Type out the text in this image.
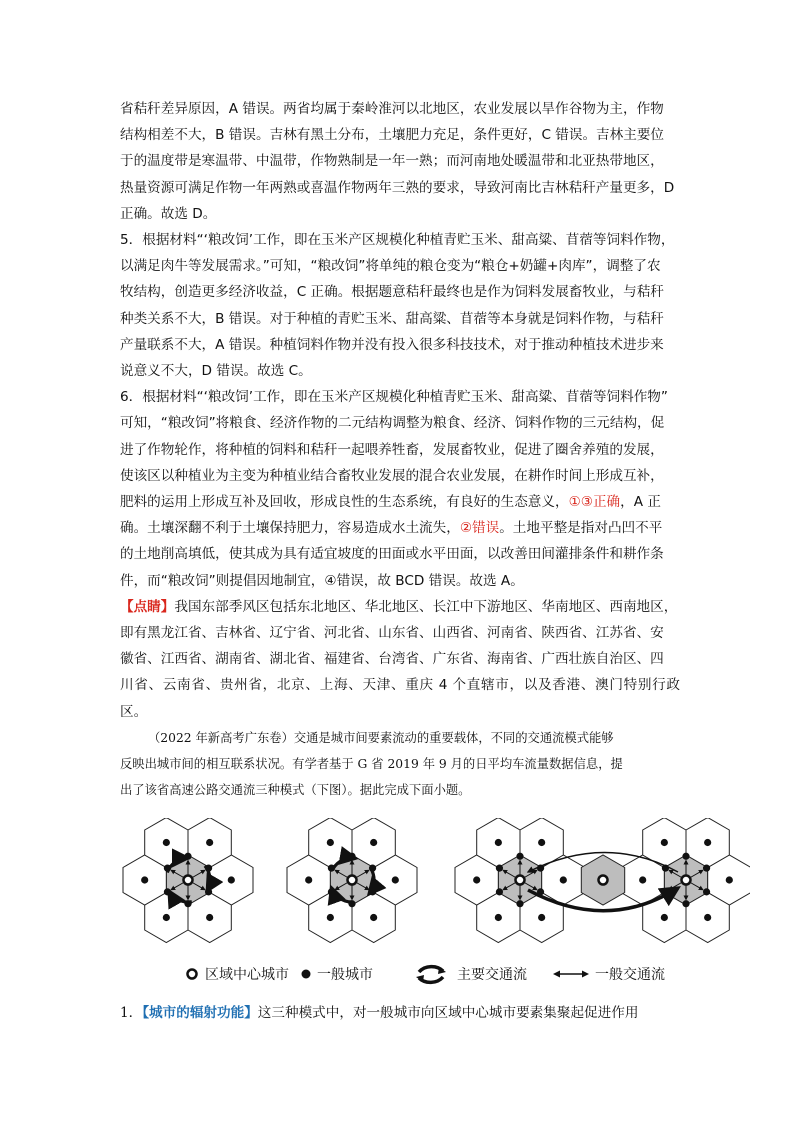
省秸秆差异原因，A 错误。两省均属于秦岭淮河以北地区，农业发展以旱作谷物为主，作物

结构相差不大，B 错误。吉林有黑土分布，土壤肥力充足，条件更好，C 错误。吉林主要位

于的温度带是寒温带、中温带，作物熟制是一年一熟；而河南地处暖温带和北亚热带地区，

热量资源可满足作物一年两熟或喜温作物两年三熟的要求，导致河南比吉林秸秆产量更多，D

正确。故选 D。

5．根据材料“‘粮改饲’工作，即在玉米产区规模化种植青贮玉米、甜高粱、苜蓿等饲料作物，

以满足肉牛等发展需求。”可知，“粮改饲”将单纯的粮仓变为“粮仓+奶罐+肉库”，调整了农

牧结构，创造更多经济收益，C 正确。根据题意秸秆最终也是作为饲料发展畜牧业，与秸秆

种类关系不大，B 错误。对于种植的青贮玉米、甜高粱、苜蓿等本身就是饲料作物，与秸秆

产量联系不大，A 错误。种植饲料作物并没有投入很多科技技术，对于推动种植技术进步来

说意义不大，D 错误。故选 C。

6．根据材料“‘粮改饲’工作，即在玉米产区规模化种植青贮玉米、甜高粱、苜蓿等饲料作物”

可知，“粮改饲”将粮食、经济作物的二元结构调整为粮食、经济、饲料作物的三元结构，促

进了作物轮作，将种植的饲料和秸秆一起喂养牲畜，发展畜牧业，促进了圈舍养殖的发展，

使该区以种植业为主变为种植业结合畜牧业发展的混合农业发展，在耕作时间上形成互补，

肥料的运用上形成互补及回收，形成良性的生态系统，有良好的生态意义，①③正确，A 正

确。土壤深翻不利于土壤保持肥力，容易造成水土流失，②错误。土地平整是指对凸凹不平

的土地削高填低，使其成为具有适宜坡度的田面或水平田面，以改善田间灌排条件和耕作条

件，而“粮改饲”则提倡因地制宜，④错误，故 BCD 错误。故选 A。

【点睛】我国东部季风区包括东北地区、华北地区、长江中下游地区、华南地区、西南地区，

即有黑龙江省、吉林省、辽宁省、河北省、山东省、山西省、河南省、陕西省、江苏省、安

徽省、江西省、湖南省、湖北省、福建省、台湾省、广东省、海南省、广西壮族自治区、四

川省、云南省、贵州省，北京、上海、天津、重庆 4 个直辖市，以及香港、澳门特别行政区。

（2022 年新高考广东卷）交通是城市间要素流动的重要载体，不同的交通流模式能够

反映出城市间的相互联系状况。有学者基于 G 省 2019 年 9 月的日平均车流量数据信息，提

出了该省高速公路交通流三种模式（下图）。据此完成下面小题。

区域中心城市 一般城市	主要交通流	一般交通流
1．【城市的辐射功能】这三种模式中，对一般城市向区域中心城市要素集聚起促进作用
